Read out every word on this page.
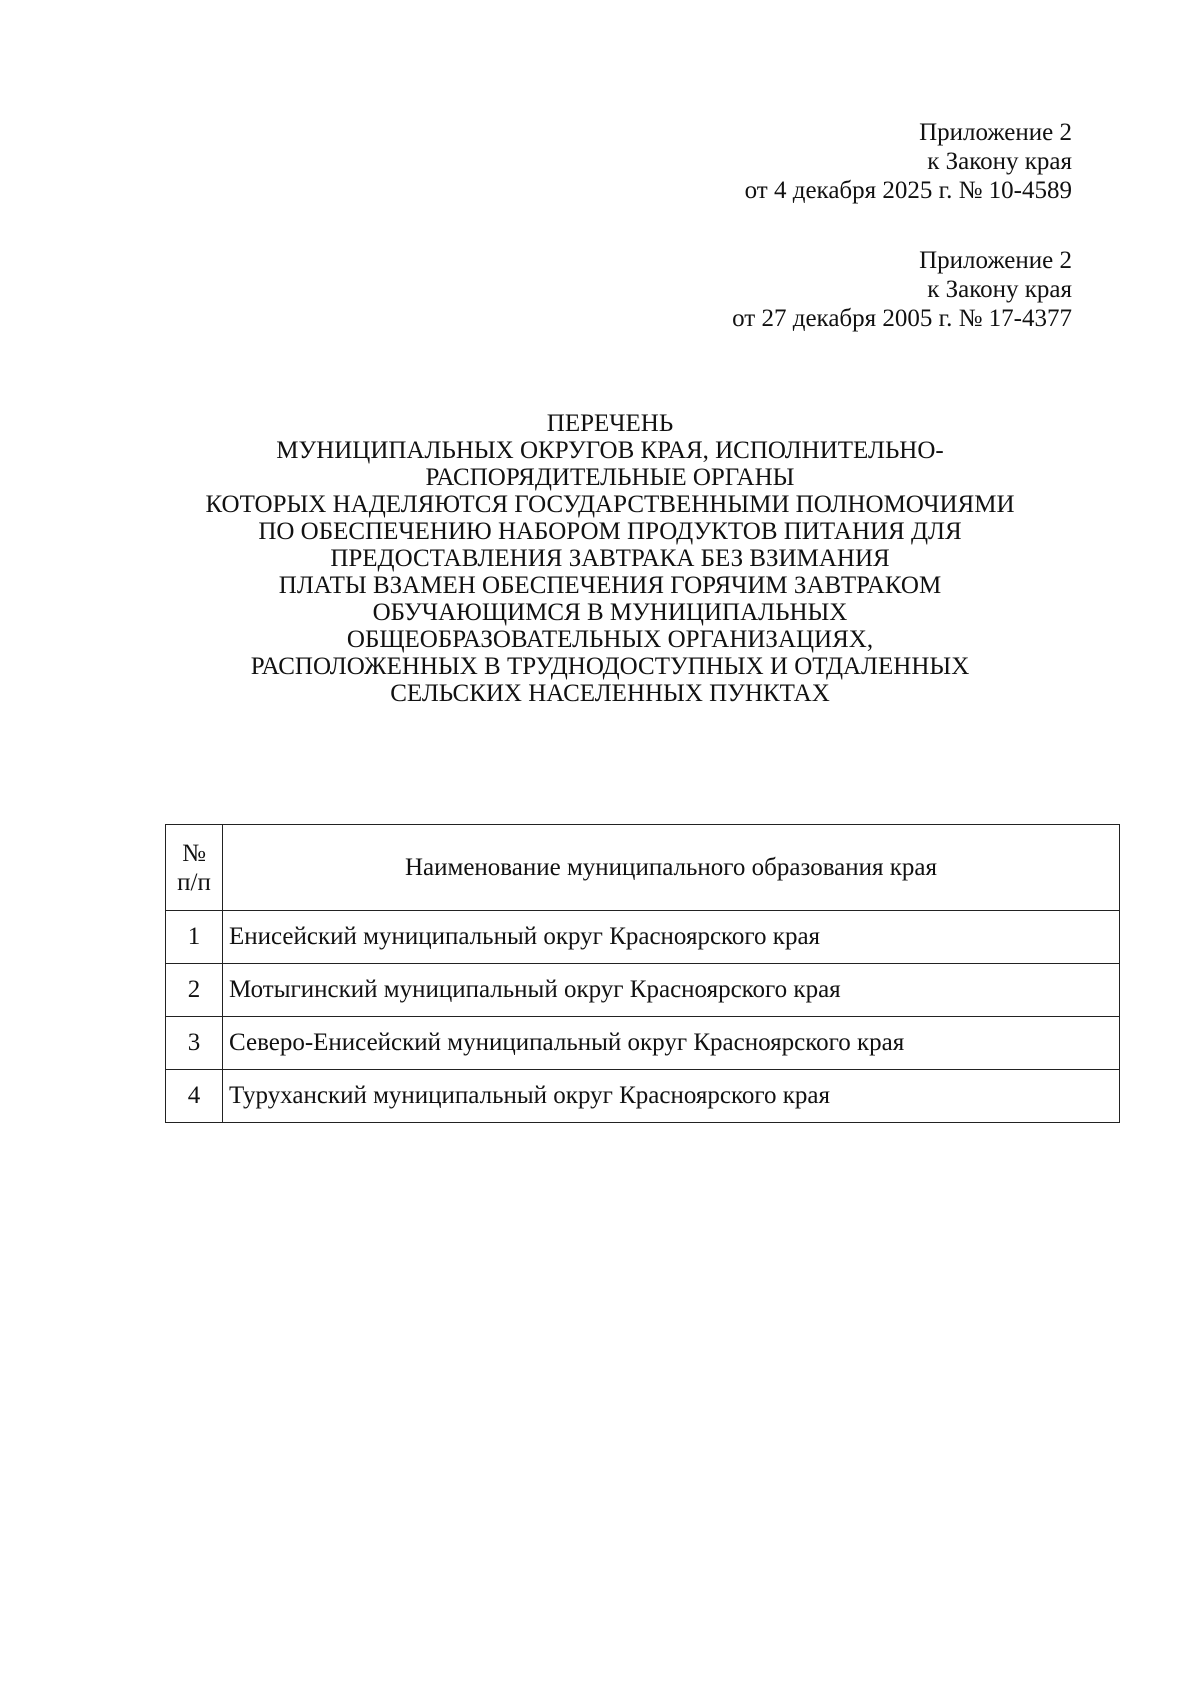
Приложение 2
к Закону края
от 4 декабря 2025 г. № 10-4589
Приложение 2
к Закону края
от 27 декабря 2005 г. № 17-4377
ПЕРЕЧЕНЬ
МУНИЦИПАЛЬНЫХ ОКРУГОВ КРАЯ, ИСПОЛНИТЕЛЬНО-
РАСПОРЯДИТЕЛЬНЫЕ ОРГАНЫ
КОТОРЫХ НАДЕЛЯЮТСЯ ГОСУДАРСТВЕННЫМИ ПОЛНОМОЧИЯМИ
ПО ОБЕСПЕЧЕНИЮ НАБОРОМ ПРОДУКТОВ ПИТАНИЯ ДЛЯ
ПРЕДОСТАВЛЕНИЯ ЗАВТРАКА БЕЗ ВЗИМАНИЯ
ПЛАТЫ ВЗАМЕН ОБЕСПЕЧЕНИЯ ГОРЯЧИМ ЗАВТРАКОМ
ОБУЧАЮЩИМСЯ В МУНИЦИПАЛЬНЫХ
ОБЩЕОБРАЗОВАТЕЛЬНЫХ ОРГАНИЗАЦИЯХ,
РАСПОЛОЖЕННЫХ В ТРУДНОДОСТУПНЫХ И ОТДАЛЕННЫХ
СЕЛЬСКИХ НАСЕЛЕННЫХ ПУНКТАХ
№
п/п	Наименование муниципального образования края
1	Енисейский муниципальный округ Красноярского края
2	Мотыгинский муниципальный округ Красноярского края
3	Северо-Енисейский муниципальный округ Красноярского края
4	Туруханский муниципальный округ Красноярского края
